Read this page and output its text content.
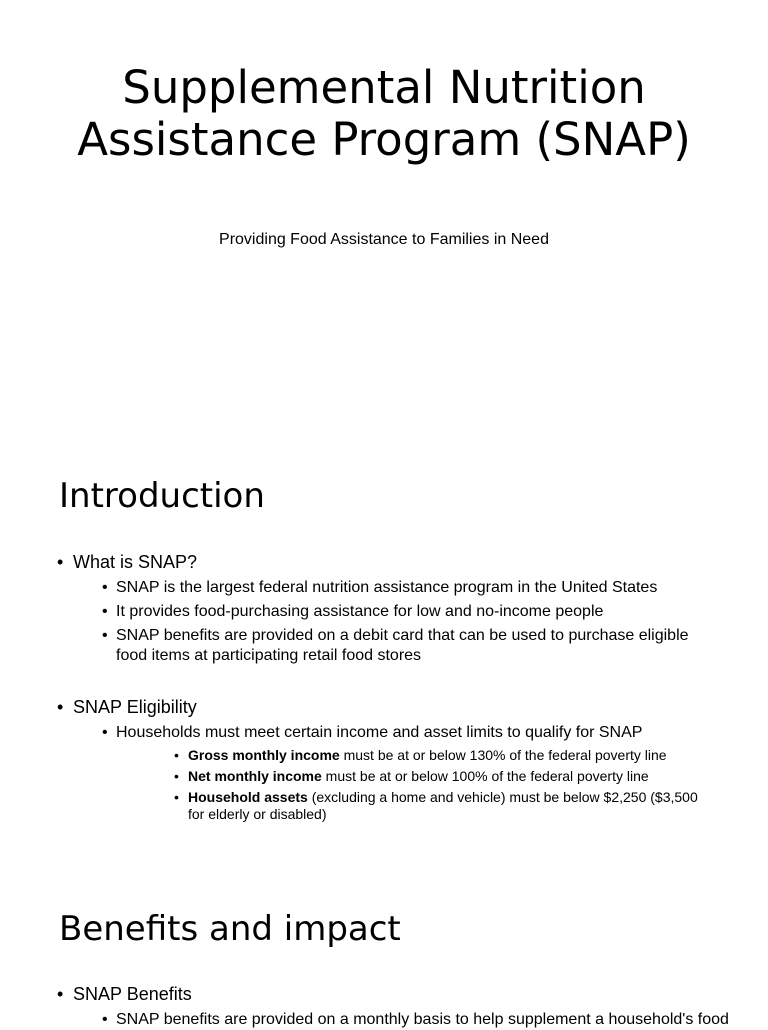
Supplemental Nutrition Assistance Program (SNAP)

Providing Food Assistance to Families in Need

Introduction
• What is SNAP?
• SNAP is the largest federal nutrition assistance program in the United States
• It provides food-purchasing assistance for low and no-income people
• SNAP benefits are provided on a debit card that can be used to purchase eligible food items at participating retail food stores
• SNAP Eligibility
• Households must meet certain income and asset limits to qualify for SNAP
• Gross monthly income must be at or below 130% of the federal poverty line
• Net monthly income must be at or below 100% of the federal poverty line
• Household assets (excluding a home and vehicle) must be below $2,250 ($3,500 for elderly or disabled)
Benefits and impact
• SNAP Benefits
• SNAP benefits are provided on a monthly basis to help supplement a household's food
